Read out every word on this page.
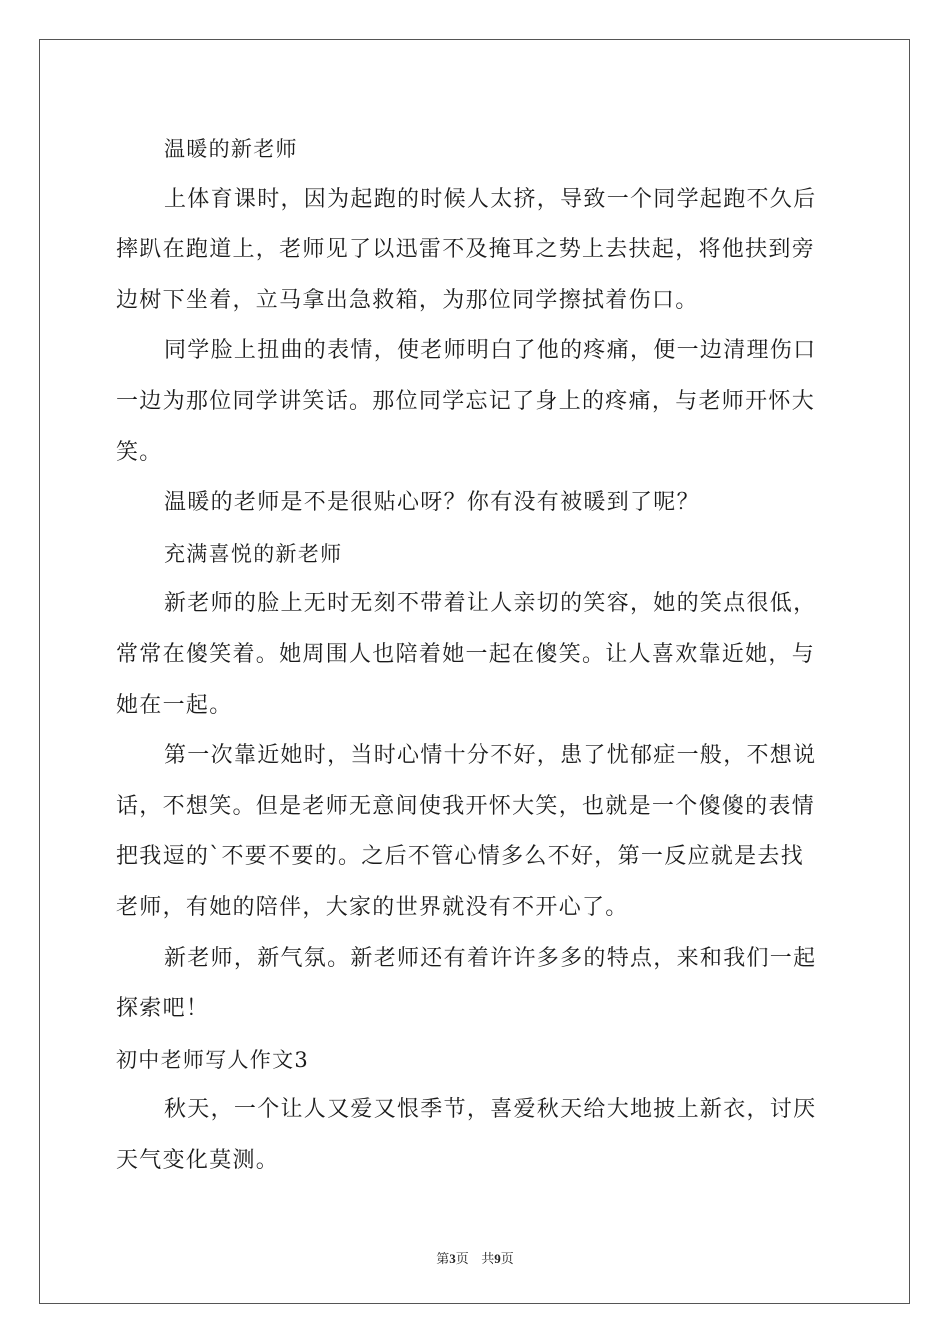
温暖的新老师
上体育课时，因为起跑的时候人太挤，导致一个同学起跑不久后
摔趴在跑道上，老师见了以迅雷不及掩耳之势上去扶起，将他扶到旁
边树下坐着，立马拿出急救箱，为那位同学擦拭着伤口。
同学脸上扭曲的表情，使老师明白了他的疼痛，便一边清理伤口
一边为那位同学讲笑话。那位同学忘记了身上的疼痛，与老师开怀大
笑。
温暖的老师是不是很贴心呀？你有没有被暖到了呢？
充满喜悦的新老师
新老师的脸上无时无刻不带着让人亲切的笑容，她的笑点很低，
常常在傻笑着。她周围人也陪着她一起在傻笑。让人喜欢靠近她，与
她在一起。
第一次靠近她时，当时心情十分不好，患了忧郁症一般，不想说
话，不想笑。但是老师无意间使我开怀大笑，也就是一个傻傻的表情
把我逗的`不要不要的。之后不管心情多么不好，第一反应就是去找
老师，有她的陪伴，大家的世界就没有不开心了。
新老师，新气氛。新老师还有着许许多多的特点，来和我们一起
探索吧！
初中老师写人作文3
秋天，一个让人又爱又恨季节，喜爱秋天给大地披上新衣，讨厌
天气变化莫测。
第3页 共9页
